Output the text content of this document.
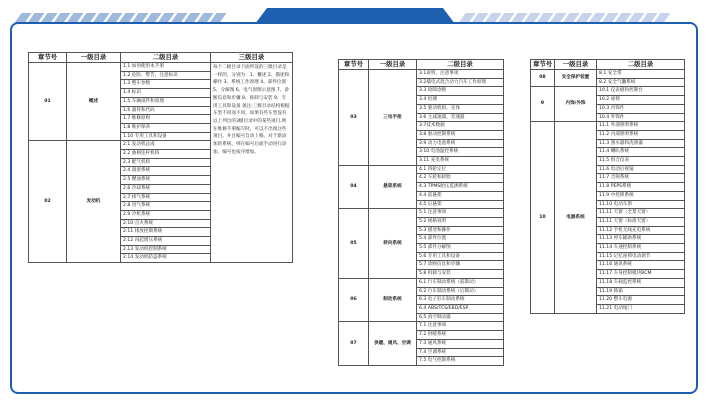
章节号	一级目录	二级目录	三级目录
01	概述	1.1 如何使用本手册	每个二级目录下面所设的三级目录是一样的，分别为：1、概述 2、描述和操作 3、系统工作原理 4、部件位置 5、分解图 6、电气原理示意图 7、诊断信息和步骤 8、拆卸与安装 9、专用工具和设备 备注:三级目录结构根据车型不同而不同。如果有些车型没有以上列出的3级目录中的某些项目,则在维修手册编写时，可以不出现这些项目。并且编号自动上移。对于新添加的系统，则在编号后面手动进行添加，编号也按序增加。
		1.2 危险、警告、注意标识	
		1.3 整车参数	
		1.4 标识	
		1.5 车辆部件和原理	
		1.6 器件和代码	
		1.7 维修原则	
		1.8 维护保养	
		1.10 专用工具和设备	
02	发动机	2.1 发动机总成	
		2.2 曲柄连杆机构	
		2.3 配气机构	
		2.4 润滑系统	
		2.5 燃油系统	
		2.6 冷却系统	
		2.7 排气系统	
		2.8 进气系统	
		2.9 冷机系统	
		2.10 点火系统	
		2.11 排放控制系统	
		2.12 再起增压系统	
		2.13 发动机控制系统	
		2.14 发动机防盗系统	
章节号	一级目录	二级目录
03	三电手册	3.1说明、注意事项
		3.2插电式混合动力汽车工作原理
		3.3 故障诊断
		3.4 检测
		3.5 驱动机构、壳体
		3.6 主减速器、差速器
		3.7技术数据
		3.8 驱动控制系统
		3.9 动力电池系统
		3.10 电池温控系统
		3.11 充电系统
04	悬架系统	4.1 四轮定位
		4.2 车轮和轮胎
		4.3 TPMS胎压监测系统
		4.4 前悬架
		4.5 后悬架
05	转向系统	5.1 注意事项
		5.2 规格说明
		5.3 描述和操作
		5.4 部件位置
		5.5 部件分解图
		5.6 专用工具和设备
		5.7 诊断信息和步骤
		5.8 拆卸与安装
06	制动系统	6.1 行车制动系统（前制动）
		6.2 行车制动系统（后制动）
		6.3 电子驻车制动系统
		6.4 ABS/TCS/EBD/ESP
		6.5 真空制动器
07	供暖、通风、空调	7.1 注意事项
		7.2 供暖系统
		7.3 通风系统
		7.4 空调系统
		7.5 电气控制系统
章节号	一级目录	二级目录
08	安全保护装置	8.1 安全带
		8.2 安全气囊系统
9	内饰/外饰	10.1 仪表板和控制台
		10.2 座椅
		10.3 内饰件
		10.4 外饰件
10	电器系统	11.1 外部照明系统
		11.2 内部照明系统
		11.3 刮水器和洗涤器
		11.4 喇叭系统
		11.5 组合仪表
		11.6 电动后视镜
		11.7 音频系统
		11.8 PEPS系统
		11.9 中控锁系统
		11.10 电动车窗
		11.11 天窗（全景天窗）
		11.11 天窗（标准天窗）
		11.12 手机无线充电系统
		11.13 停车辅助系统
		11.14 车速控制系统
		11.15 记忆座椅电动调节
		11.16 通讯系统
		11.17 车身控制模块BCM
		11.18 车载监控系统
		11.19 除霜
		11.20 整车电源
		11.21 电动尾门
